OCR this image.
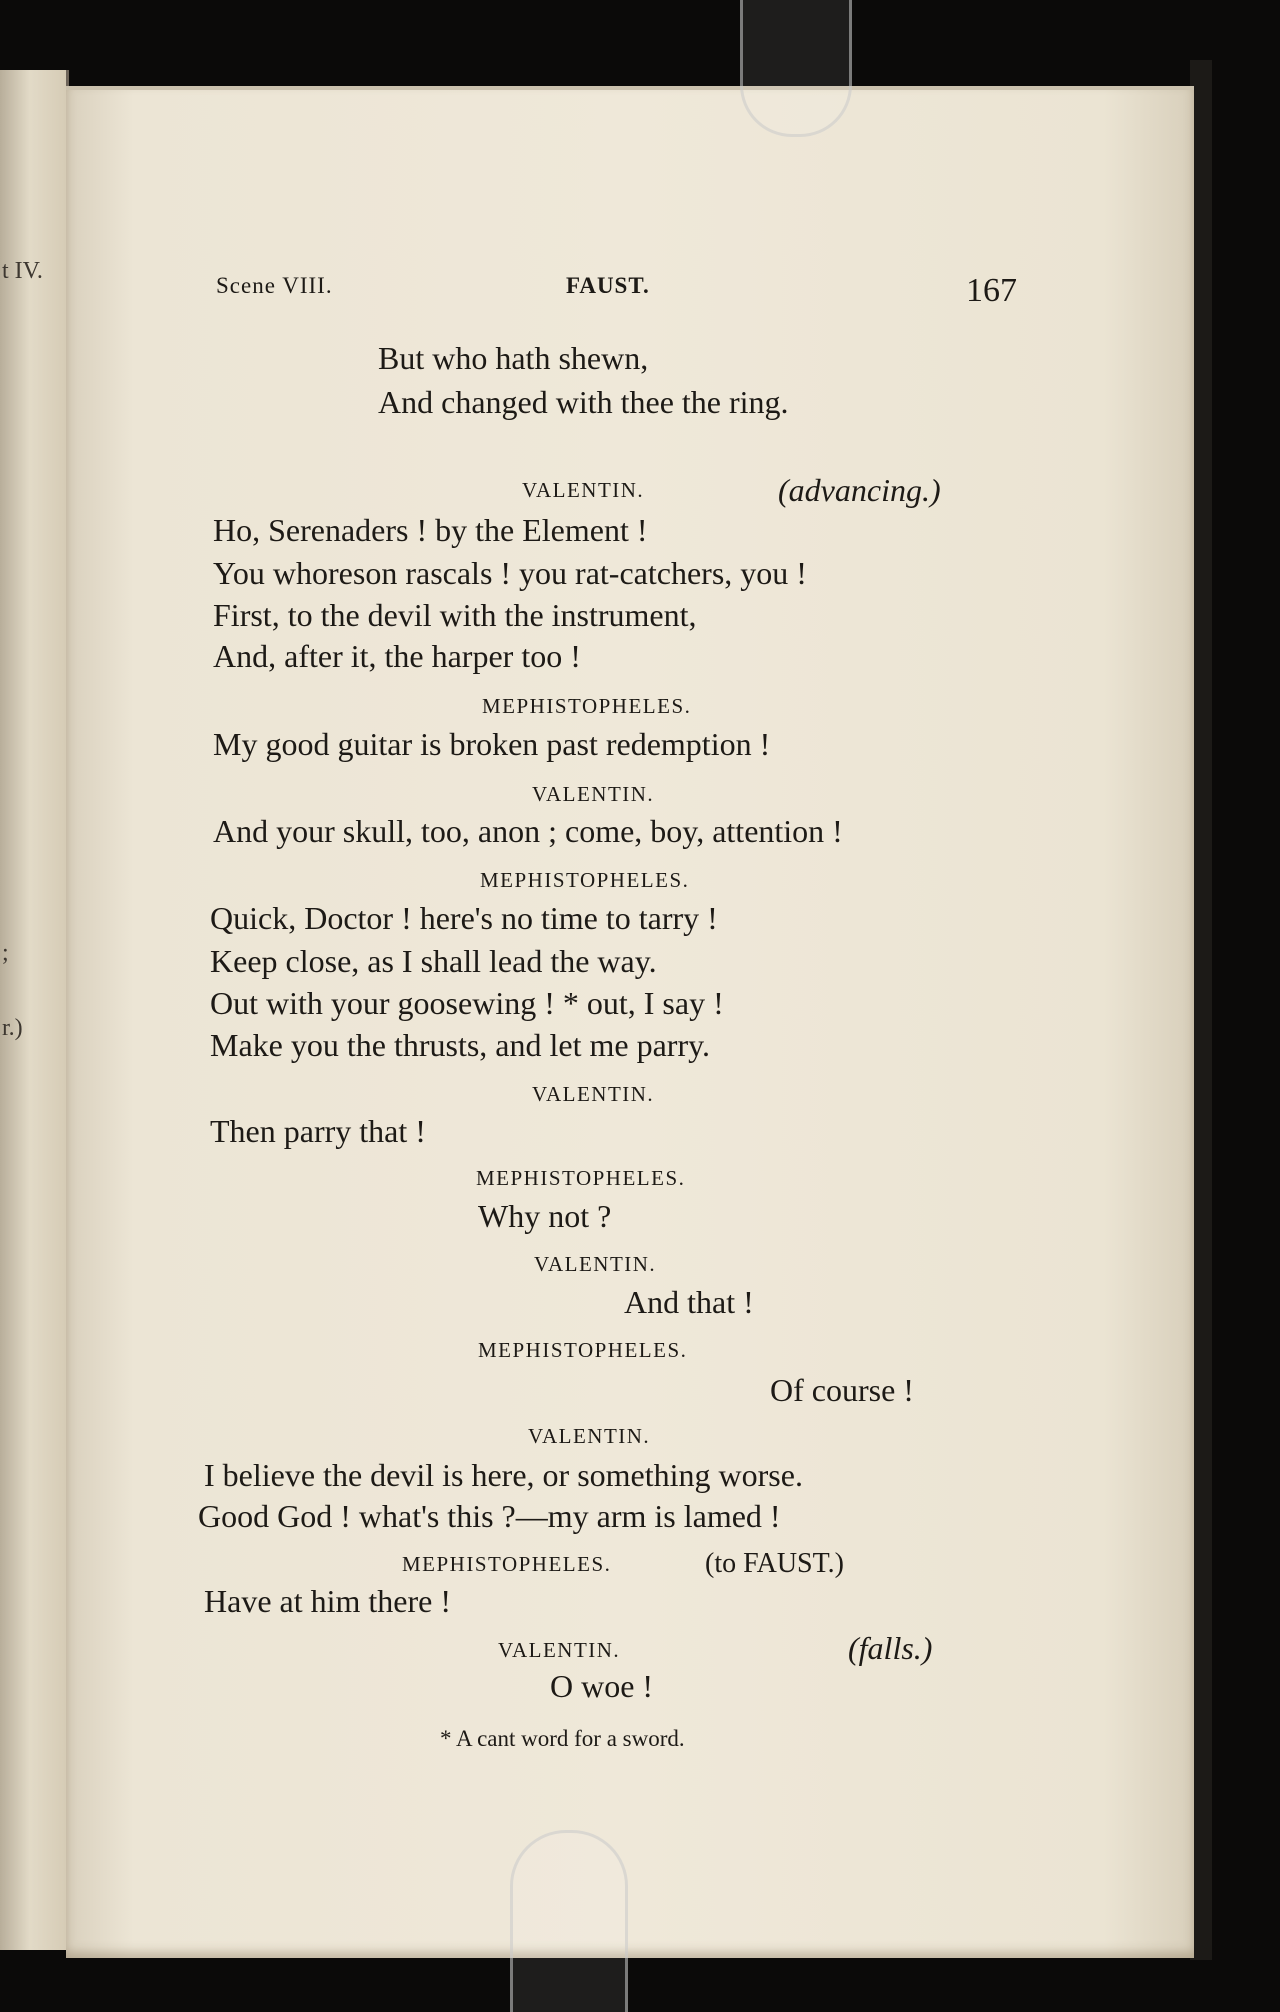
t IV.
;
r.)
Scene VIII.	FAUST.	167
But who hath shewn,
And changed with thee the ring.
VALENTIN.	(advancing.)
Ho, Serenaders ! by the Element !
You whoreson rascals ! you rat-catchers, you !
First, to the devil with the instrument,
And, after it, the harper too !
MEPHISTOPHELES.
My good guitar is broken past redemption !
VALENTIN.
And your skull, too, anon ; come, boy, attention !
MEPHISTOPHELES.
Quick, Doctor ! here's no time to tarry !
Keep close, as I shall lead the way.
Out with your goosewing ! * out, I say !
Make you the thrusts, and let me parry.
VALENTIN.
Then parry that !
MEPHISTOPHELES.
Why not ?
VALENTIN.
And that !
MEPHISTOPHELES.
Of course !
VALENTIN.
I believe the devil is here, or something worse.
Good God ! what's this ?—my arm is lamed !
MEPHISTOPHELES.	(to FAUST.)
Have at him there !
VALENTIN.	(falls.)
O woe !
* A cant word for a sword.
